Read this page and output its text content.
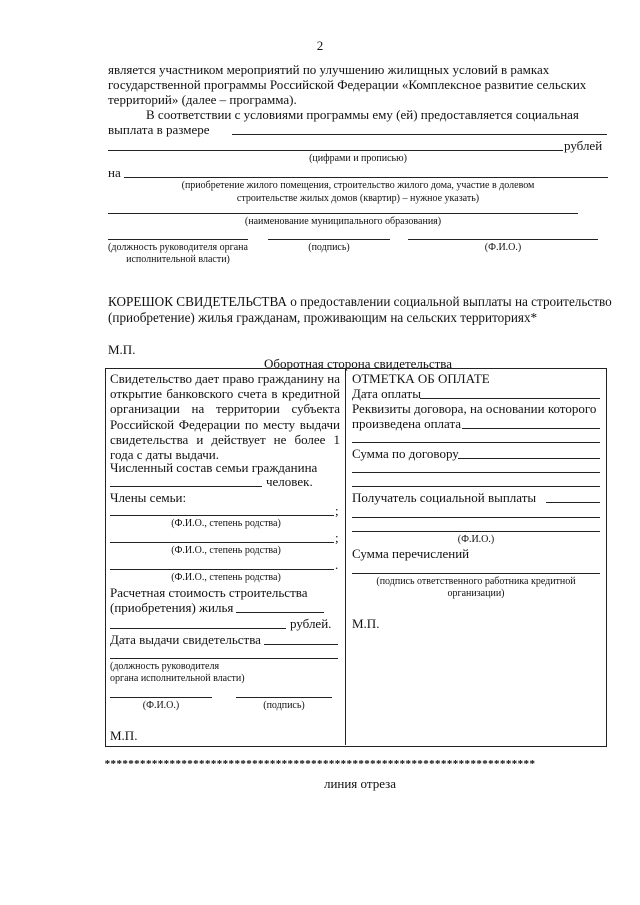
2
является участником мероприятий по улучшению жилищных условий в рамках
государственной программы Российской Федерации «Комплексное развитие сельских
территорий» (далее – программа).
В соответствии с условиями программы ему (ей) предоставляется социальная
выплата в размере
рублей
(цифрами и прописью)
на
(приобретение жилого помещения, строительство жилого дома, участие в долевом
строительстве жилых домов (квартир) – нужное указать)
(наименование муниципального образования)
(должность руководителя органа исполнительной власти)
(подпись)	(Ф.И.О.)
КОРЕШОК СВИДЕТЕЛЬСТВА о предоставлении социальной выплаты на строительство
(приобретение) жилья гражданам, проживающим на сельских территориях*
М.П.
Оборотная сторона свидетельства
Свидетельство дает право гражданину на открытие банковского счета в кредитной организации на территории субъекта Российской Федерации по месту выдачи свидетельства и действует не более 1 года с даты выдачи.
Численный состав семьи гражданина
человек.
Члены семьи:
;
(Ф.И.О., степень родства)
;
(Ф.И.О., степень родства)
.
(Ф.И.О., степень родства)
Расчетная стоимость строительства
(приобретения) жилья
рублей.
Дата выдачи свидетельства
(должность руководителя
органа исполнительной власти)
(Ф.И.О.)	(подпись)
М.П.
ОТМЕТКА ОБ ОПЛАТЕ
Дата оплаты
Реквизиты договора, на основании которого
произведена оплата
Сумма по договору
Получатель социальной выплаты
(Ф.И.О.)
Сумма перечислений
(подпись ответственного работника кредитной
организации)
М.П.
*************************************************************************
линия отреза
